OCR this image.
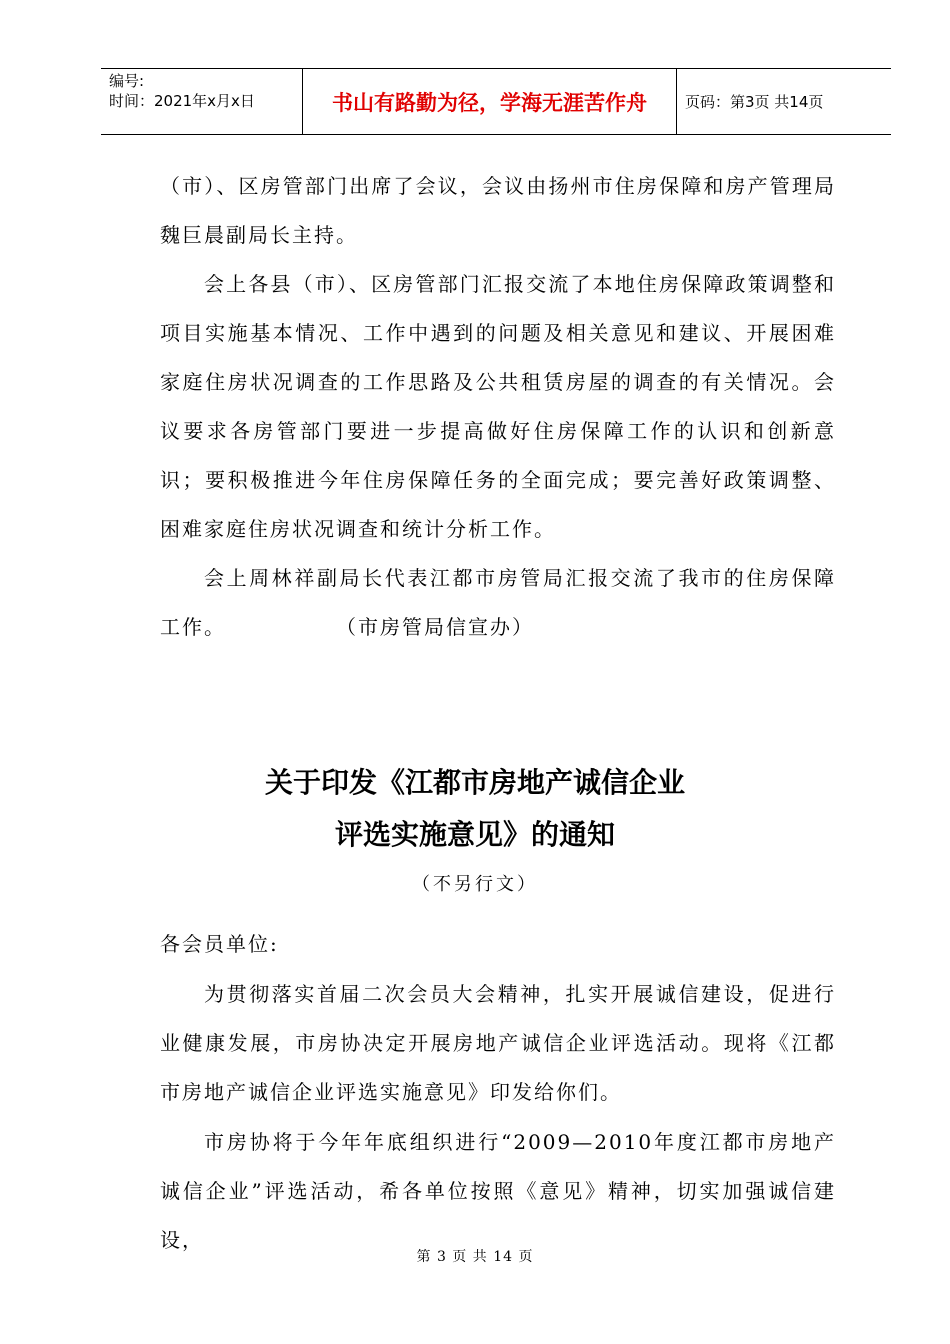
编号:
时间：2021年x月x日	书山有路勤为径，学海无涯苦作舟	页码：第3页 共14页
（市）、区房管部门出席了会议，会议由扬州市住房保障和房产管理局魏巨晨副局长主持。
会上各县（市）、区房管部门汇报交流了本地住房保障政策调整和项目实施基本情况、工作中遇到的问题及相关意见和建议、开展困难家庭住房状况调查的工作思路及公共租赁房屋的调查的有关情况。会议要求各房管部门要进一步提高做好住房保障工作的认识和创新意识；要积极推进今年住房保障任务的全面完成；要完善好政策调整、困难家庭住房状况调查和统计分析工作。
会上周林祥副局长代表江都市房管局汇报交流了我市的住房保障工作。	（市房管局信宣办）
关于印发《江都市房地产诚信企业
评选实施意见》的通知
（不另行文）
各会员单位:
为贯彻落实首届二次会员大会精神，扎实开展诚信建设，促进行业健康发展，市房协决定开展房地产诚信企业评选活动。现将《江都市房地产诚信企业评选实施意见》印发给你们。
市房协将于今年年底组织进行“2009—2010年度江都市房地产诚信企业”评选活动，希各单位按照《意见》精神，切实加强诚信建设，
第 3 页 共 14 页
